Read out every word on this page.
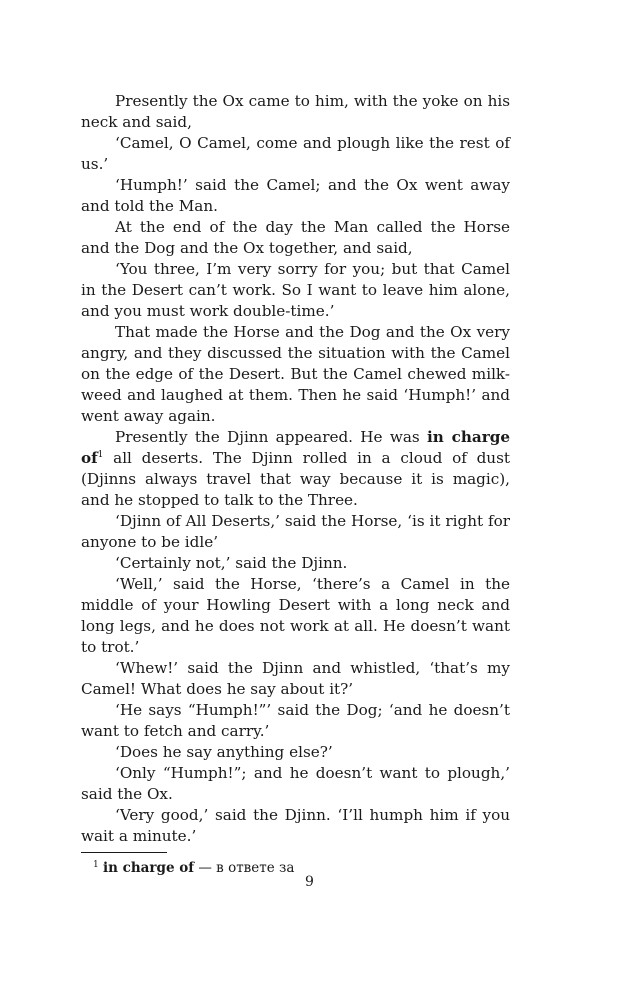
Presently the Ox came to him, with the yoke on his neck and said,

‘Camel, O Camel, come and plough like the rest of us.’

‘Humph!’ said the Camel; and the Ox went away and told the Man.

At the end of the day the Man called the Horse and the Dog and the Ox together, and said,

‘You three, I’m very sorry for you; but that Camel in the Desert can’t work. So I want to leave him alone, and you must work double-time.’

That made the Horse and the Dog and the Ox very angry, and they discussed the situation with the Camel on the edge of the Desert. But the Camel chewed milk-weed and laughed at them. Then he said ‘Humph!’ and went away again.

Presently the Djinn appeared. He was in charge $of^1$ all deserts. The Djinn rolled in a cloud of dust (Djinns always travel that way because it is magic), and he stopped to talk to the Three.

‘Djinn of All Deserts,’ said the Horse, ‘is it right for anyone to be idle’

‘Certainly not,’ said the Djinn.

‘Well,’ said the Horse, ‘there’s a Camel in the middle of your Howling Desert with a long neck and long legs, and he does not work at all. He doesn’t want to trot.’

‘Whew!’ said the Djinn and whistled, ‘that’s my Camel! What does he say about it?’

‘He says “Humph!”’ said the Dog; ‘and he doesn’t want to fetch and carry.’

‘Does he say anything else?’

‘Only “Humph!”; and he doesn’t want to plough,’ said the Ox.

‘Very good,’ said the Djinn. ‘I’ll humph him if you wait a minute.’

1 in charge of — в ответе за

9
